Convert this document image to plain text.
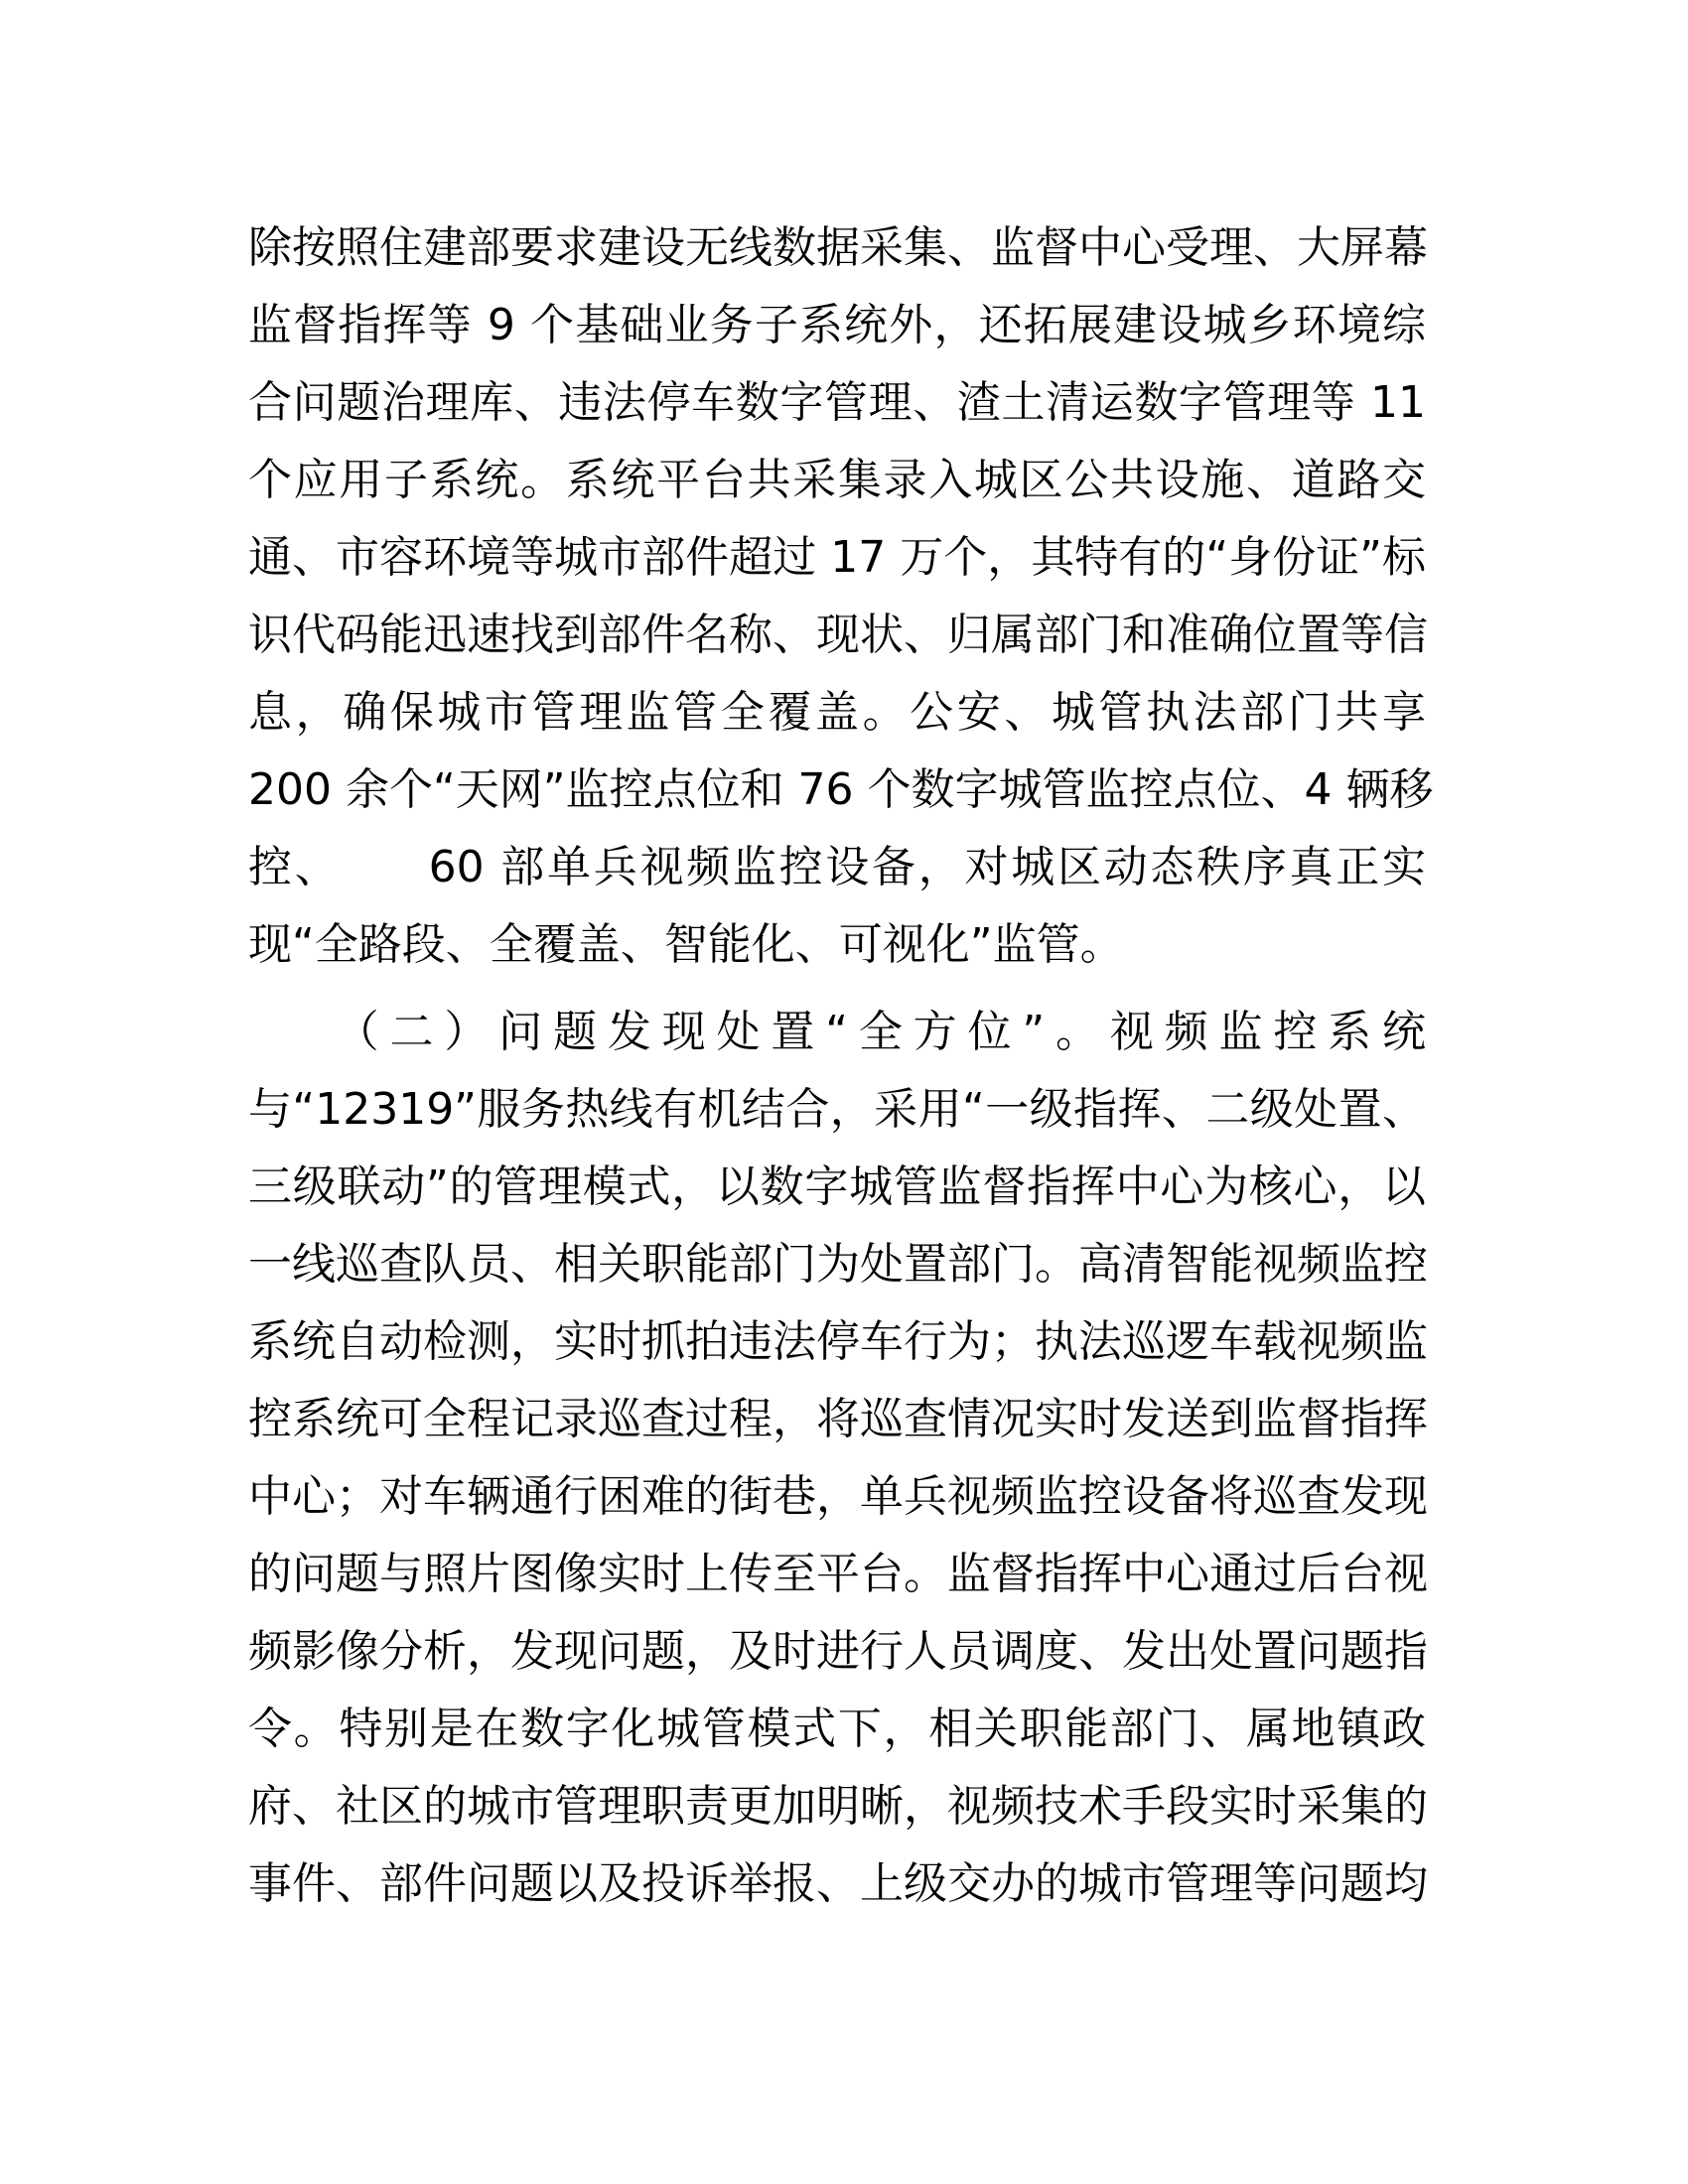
除按照住建部要求建设无线数据采集、监督中心受理、大屏幕
监督指挥等 9 个基础业务子系统外，还拓展建设城乡环境综
合问题治理库、违法停车数字管理、渣土清运数字管理等 11
个应用子系统。系统平台共采集录入城区公共设施、道路交
通、市容环境等城市部件超过 17 万个，其特有的“身份证”标
识代码能迅速找到部件名称、现状、归属部门和准确位置等信
息，确保城市管理监管全覆盖。公安、城管执法部门共享
200 余个“天网”监控点位和 76 个数字城管监控点位、4 辆移
控、　　 60 部单兵视频监控设备，对城区动态秩序真正实
现“全路段、全覆盖、智能化、可视化”监管。
　　（二）问题发现处置“全方位”。视频监控系统
与“12319”服务热线有机结合，采用“一级指挥、二级处置、
三级联动”的管理模式，以数字城管监督指挥中心为核心，以
一线巡查队员、相关职能部门为处置部门。高清智能视频监控
系统自动检测，实时抓拍违法停车行为；执法巡逻车载视频监
控系统可全程记录巡查过程，将巡查情况实时发送到监督指挥
中心；对车辆通行困难的街巷，单兵视频监控设备将巡查发现
的问题与照片图像实时上传至平台。监督指挥中心通过后台视
频影像分析，发现问题，及时进行人员调度、发出处置问题指
令。特别是在数字化城管模式下，相关职能部门、属地镇政
府、社区的城市管理职责更加明晰，视频技术手段实时采集的
事件、部件问题以及投诉举报、上级交办的城市管理等问题均
